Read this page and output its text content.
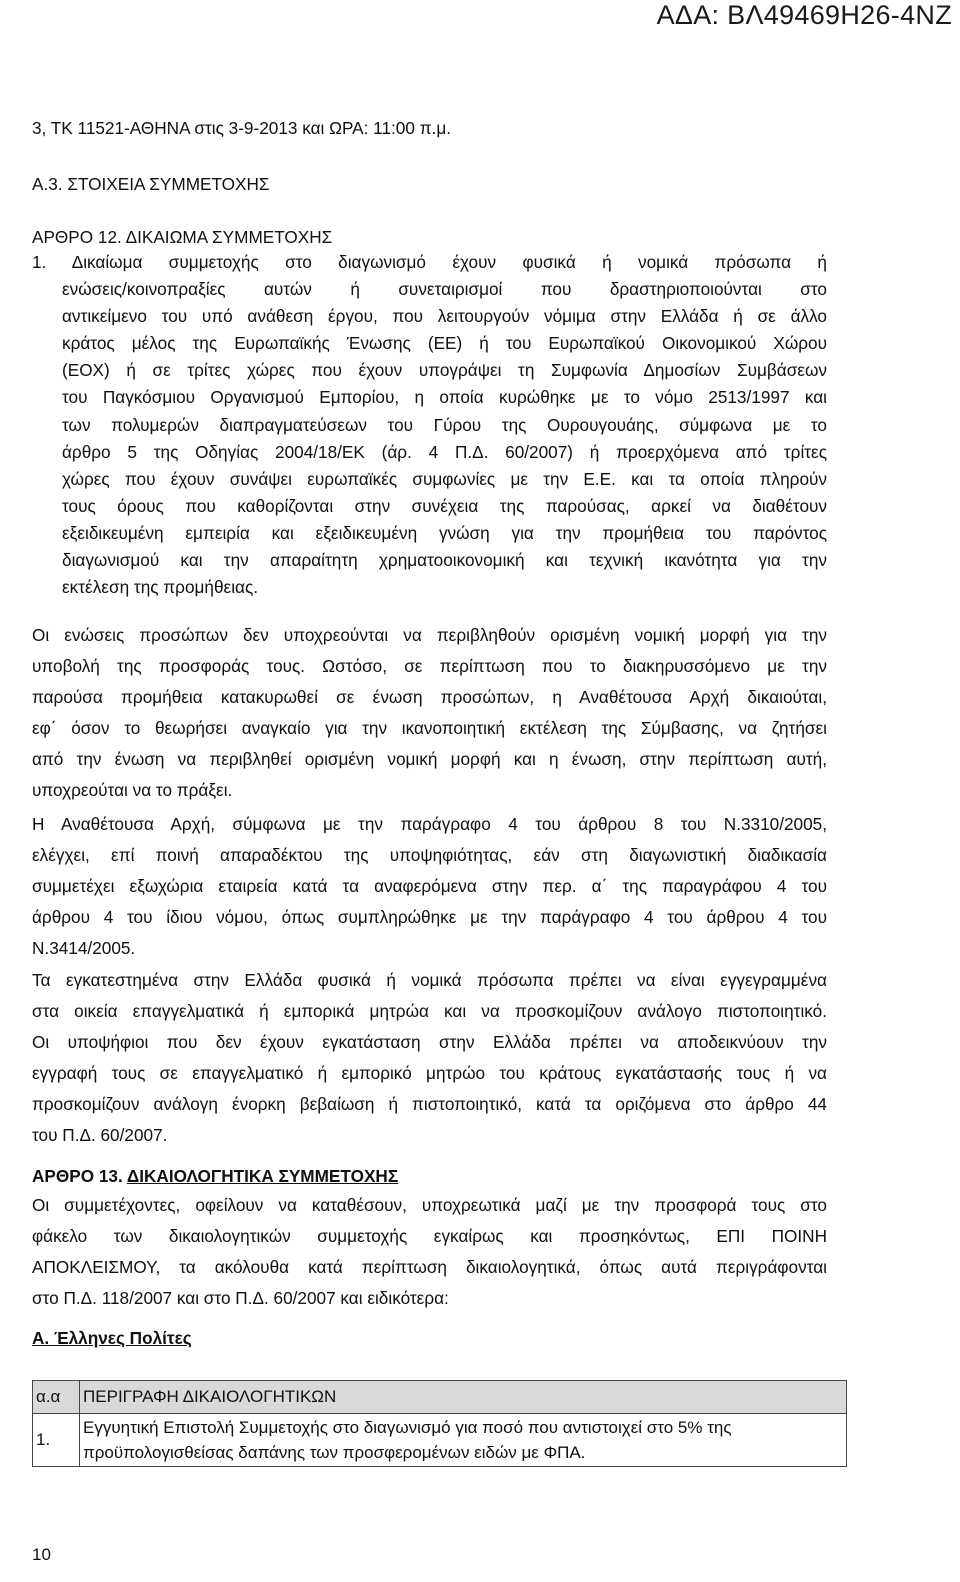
ΑΔΑ: ΒΛ49469Η26-4ΝΖ
3, ΤΚ 11521-ΑΘΗΝΑ στις 3-9-2013 και ΩΡΑ: 11:00 π.μ.
Α.3. ΣΤΟΙΧΕΙΑ ΣΥΜΜΕΤΟΧΗΣ
ΑΡΘΡΟ 12. ΔΙΚΑΙΩΜΑ ΣΥΜΜΕΤΟΧΗΣ
1. Δικαίωμα συμμετοχής στο διαγωνισμό έχουν φυσικά ή νομικά πρόσωπα ή
ενώσεις/κοινοπραξίες αυτών ή συνεταιρισμοί που δραστηριοποιούνται στο
αντικείμενο του υπό ανάθεση έργου, που λειτουργούν νόμιμα στην Ελλάδα ή σε άλλο
κράτος μέλος της Ευρωπαϊκής Ένωσης (ΕΕ) ή του Ευρωπαϊκού Οικονομικού Χώρου
(ΕΟΧ) ή σε τρίτες χώρες που έχουν υπογράψει τη Συμφωνία Δημοσίων Συμβάσεων
του Παγκόσμιου Οργανισμού Εμπορίου, η οποία κυρώθηκε με το νόμο 2513/1997 και
των πολυμερών διαπραγματεύσεων του Γύρου της Ουρουγουάης, σύμφωνα με το
άρθρο 5 της Οδηγίας 2004/18/ΕΚ (άρ. 4 Π.Δ. 60/2007) ή προερχόμενα από τρίτες
χώρες που έχουν συνάψει ευρωπαϊκές συμφωνίες με την Ε.Ε. και τα οποία πληρούν
τους όρους που καθορίζονται στην συνέχεια της παρούσας, αρκεί να διαθέτουν
εξειδικευμένη εμπειρία και εξειδικευμένη γνώση για την προμήθεια του παρόντος
διαγωνισμού και την απαραίτητη χρηματοοικονομική και τεχνική ικανότητα για την
εκτέλεση της προμήθειας.
Οι ενώσεις προσώπων δεν υποχρεούνται να περιβληθούν ορισμένη νομική μορφή για την
υποβολή της προσφοράς τους. Ωστόσο, σε περίπτωση που το διακηρυσσόμενο με την
παρούσα προμήθεια κατακυρωθεί σε ένωση προσώπων, η Αναθέτουσα Αρχή δικαιούται,
εφ΄ όσον το θεωρήσει αναγκαίο για την ικανοποιητική εκτέλεση της Σύμβασης, να ζητήσει
από την ένωση να περιβληθεί ορισμένη νομική μορφή και η ένωση, στην περίπτωση αυτή,
υποχρεούται να το πράξει.
Η Αναθέτουσα Αρχή, σύμφωνα με την παράγραφο 4 του άρθρου 8 του Ν.3310/2005,
ελέγχει, επί ποινή απαραδέκτου της υποψηφιότητας, εάν στη διαγωνιστική διαδικασία
συμμετέχει εξωχώρια εταιρεία κατά τα αναφερόμενα στην περ. α΄ της παραγράφου 4 του
άρθρου 4 του ίδιου νόμου, όπως συμπληρώθηκε με την παράγραφο 4 του άρθρου 4 του
Ν.3414/2005.
Τα εγκατεστημένα στην Ελλάδα φυσικά ή νομικά πρόσωπα πρέπει να είναι εγγεγραμμένα
στα οικεία επαγγελματικά ή εμπορικά μητρώα και να προσκομίζουν ανάλογο πιστοποιητικό.
Οι υποψήφιοι που δεν έχουν εγκατάσταση στην Ελλάδα πρέπει να αποδεικνύουν την
εγγραφή τους σε επαγγελματικό ή εμπορικό μητρώο του κράτους εγκατάστασής τους ή να
προσκομίζουν ανάλογη ένορκη βεβαίωση ή πιστοποιητικό, κατά τα οριζόμενα στο άρθρο 44
του Π.Δ. 60/2007.
ΑΡΘΡΟ 13. ΔΙΚΑΙΟΛΟΓΗΤΙΚΑ ΣΥΜΜΕΤΟΧΗΣ
Οι συμμετέχοντες, οφείλουν να καταθέσουν, υποχρεωτικά μαζί με την προσφορά τους στο
φάκελο των δικαιολογητικών συμμετοχής εγκαίρως και προσηκόντως, ΕΠΙ ΠΟΙΝΗ
ΑΠΟΚΛΕΙΣΜΟΥ, τα ακόλουθα κατά περίπτωση δικαιολογητικά, όπως αυτά περιγράφονται
στο Π.Δ. 118/2007 και στο Π.Δ. 60/2007 και ειδικότερα:
Α. Έλληνες Πολίτες
α.α	ΠΕΡΙΓΡΑΦΗ ΔΙΚΑΙΟΛΟΓΗΤΙΚΩΝ
1.	Εγγυητική Επιστολή Συμμετοχής στο διαγωνισμό για ποσό που αντιστοιχεί στο 5% της προϋπολογισθείσας δαπάνης των προσφερομένων ειδών με ΦΠΑ.
10
